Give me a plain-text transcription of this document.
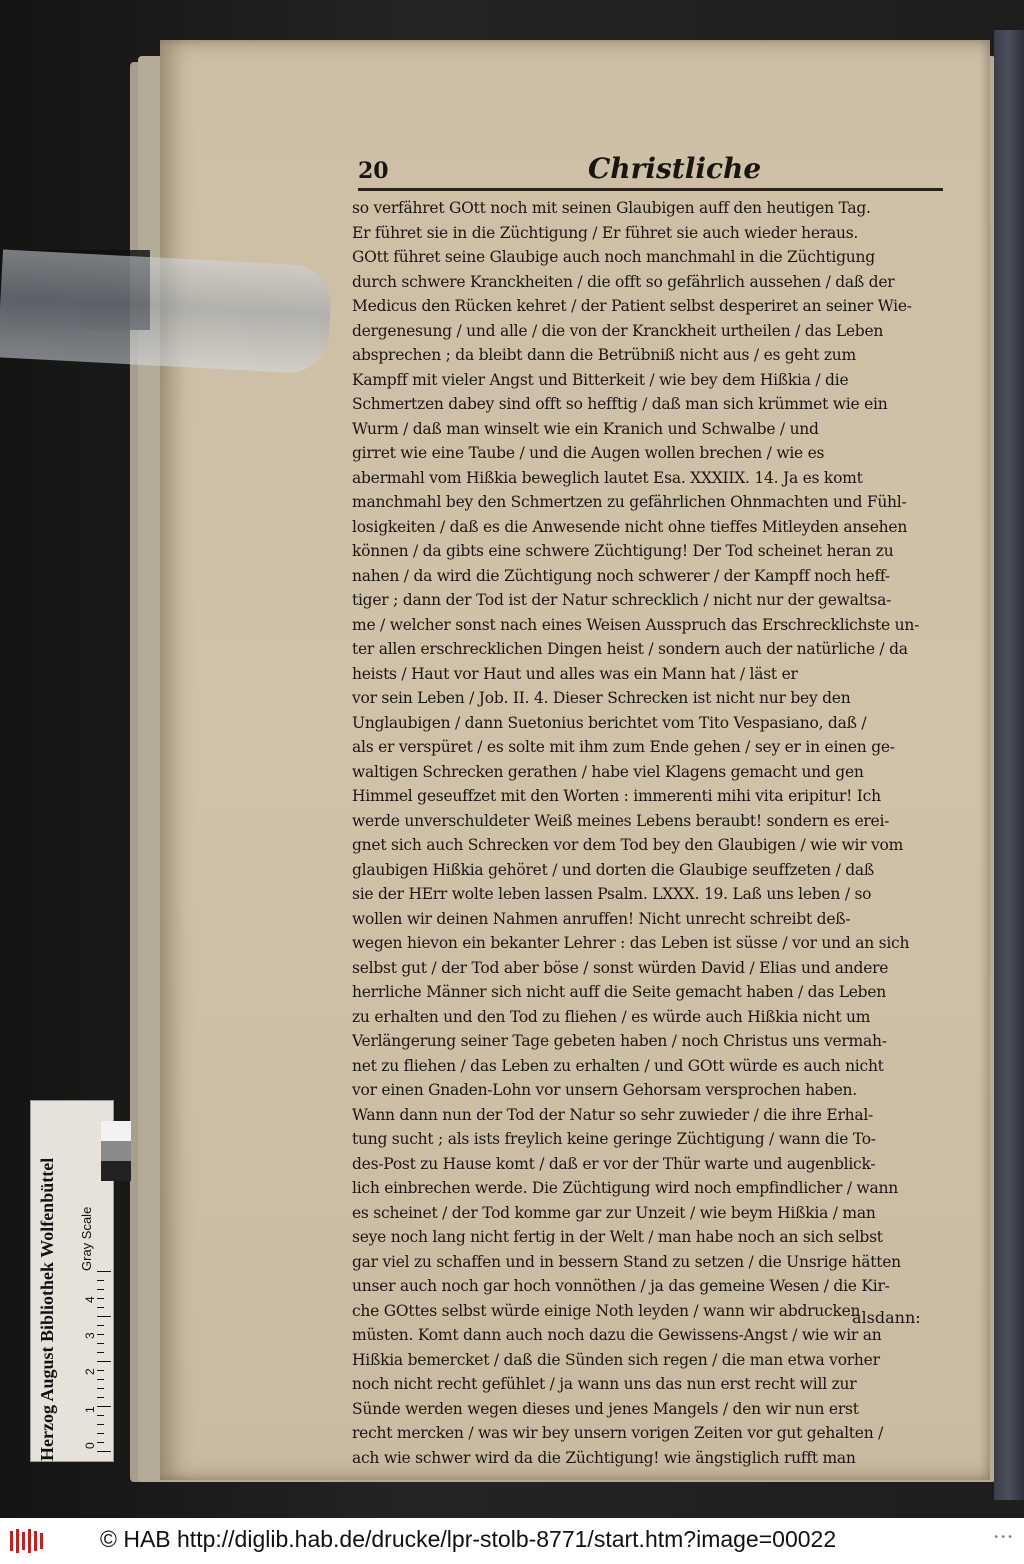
20	Christliche
so verfähret GOtt noch mit seinen Glaubigen auff den heutigen Tag.
Er führet sie in die Züchtigung / Er führet sie auch wieder heraus.
GOtt führet seine Glaubige auch noch manchmahl in die Züchtigung
durch schwere Kranckheiten / die offt so gefährlich aussehen / daß der
Medicus den Rücken kehret / der Patient selbst desperiret an seiner Wie-
dergenesung / und alle / die von der Kranckheit urtheilen / das Leben
absprechen ; da bleibt dann die Betrübniß nicht aus / es geht zum
Kampff mit vieler Angst und Bitterkeit / wie bey dem Hißkia / die
Schmertzen dabey sind offt so hefftig / daß man sich krümmet wie ein
Wurm / daß man winselt wie ein Kranich und Schwalbe / und
girret wie eine Taube / und die Augen wollen brechen / wie es
abermahl vom Hißkia beweglich lautet Esa. XXXIIX. 14. Ja es komt
manchmahl bey den Schmertzen zu gefährlichen Ohnmachten und Fühl-
losigkeiten / daß es die Anwesende nicht ohne tieffes Mitleyden ansehen
können / da gibts eine schwere Züchtigung! Der Tod scheinet heran zu
nahen / da wird die Züchtigung noch schwerer / der Kampff noch heff-
tiger ; dann der Tod ist der Natur schrecklich / nicht nur der gewaltsa-
me / welcher sonst nach eines Weisen Ausspruch das Erschrecklichste un-
ter allen erschrecklichen Dingen heist / sondern auch der natürliche / da
heists / Haut vor Haut und alles was ein Mann hat / läst er
vor sein Leben / Job. II. 4. Dieser Schrecken ist nicht nur bey den
Unglaubigen / dann Suetonius berichtet vom Tito Vespasiano, daß /
als er verspüret / es solte mit ihm zum Ende gehen / sey er in einen ge-
waltigen Schrecken gerathen / habe viel Klagens gemacht und gen
Himmel geseuffzet mit den Worten : immerenti mihi vita eripitur! Ich
werde unverschuldeter Weiß meines Lebens beraubt! sondern es erei-
gnet sich auch Schrecken vor dem Tod bey den Glaubigen / wie wir vom
glaubigen Hißkia gehöret / und dorten die Glaubige seuffzeten / daß
sie der HErr wolte leben lassen Psalm. LXXX. 19. Laß uns leben / so
wollen wir deinen Nahmen anruffen! Nicht unrecht schreibt deß-
wegen hievon ein bekanter Lehrer : das Leben ist süsse / vor und an sich
selbst gut / der Tod aber böse / sonst würden David / Elias und andere
herrliche Männer sich nicht auff die Seite gemacht haben / das Leben
zu erhalten und den Tod zu fliehen / es würde auch Hißkia nicht um
Verlängerung seiner Tage gebeten haben / noch Christus uns vermah-
net zu fliehen / das Leben zu erhalten / und GOtt würde es auch nicht
vor einen Gnaden-Lohn vor unsern Gehorsam versprochen haben.
Wann dann nun der Tod der Natur so sehr zuwieder / die ihre Erhal-
tung sucht ; als ists freylich keine geringe Züchtigung / wann die To-
des-Post zu Hause komt / daß er vor der Thür warte und augenblick-
lich einbrechen werde. Die Züchtigung wird noch empfindlicher / wann
es scheinet / der Tod komme gar zur Unzeit / wie beym Hißkia / man
seye noch lang nicht fertig in der Welt / man habe noch an sich selbst
gar viel zu schaffen und in bessern Stand zu setzen / die Unsrige hätten
unser auch noch gar hoch vonnöthen / ja das gemeine Wesen / die Kir-
che GOttes selbst würde einige Noth leyden / wann wir abdrucken
müsten. Komt dann auch noch dazu die Gewissens-Angst / wie wir an
Hißkia bemercket / daß die Sünden sich regen / die man etwa vorher
noch nicht recht gefühlet / ja wann uns das nun erst recht will zur
Sünde werden wegen dieses und jenes Mangels / den wir nun erst
recht mercken / was wir bey unsern vorigen Zeiten vor gut gehalten /
ach wie schwer wird da die Züchtigung! wie ängstiglich rufft man
alsdann:
Herzog August Bibliothek Wolfenbüttel	Gray Scale
0
1
2
3
4
© HAB http://diglib.hab.de/drucke/lpr-stolb-8771/start.htm?image=00022	•••
